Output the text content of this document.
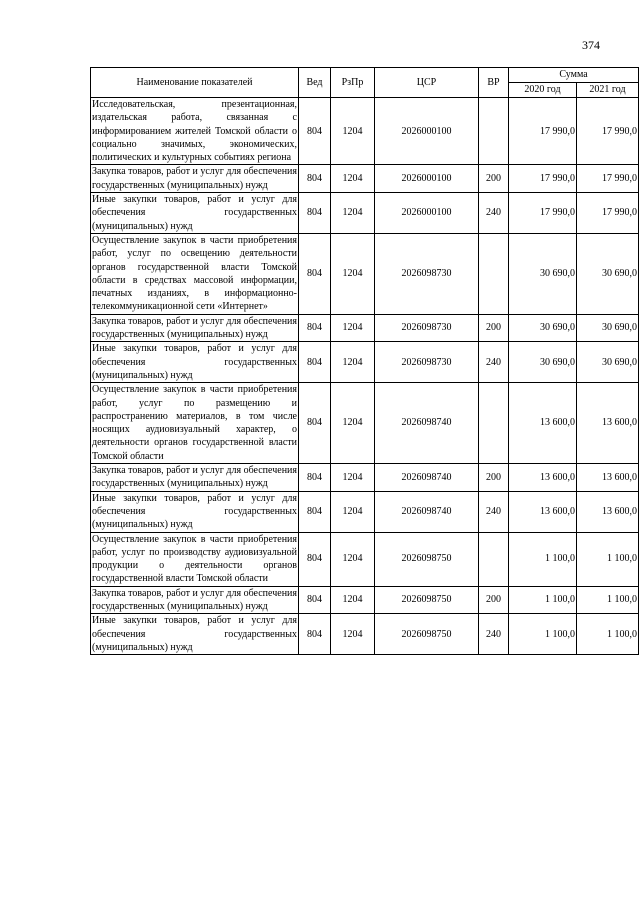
374
Наименование показателей	Вед	РзПр	ЦСР	ВР	Сумма	
					2020 год	2021 год
Исследовательская, презентационная, издательская работа, связанная с информированием жителей Томской области о социально значимых, экономических, политических и культурных событиях региона	804	1204	2026000100		17 990,0	17 990,0
Закупка товаров, работ и услуг для обеспечения государственных (муниципальных) нужд	804	1204	2026000100	200	17 990,0	17 990,0
Иные закупки товаров, работ и услуг для обеспечения государственных (муниципальных) нужд	804	1204	2026000100	240	17 990,0	17 990,0
Осуществление закупок в части приобретения работ, услуг по освещению деятельности органов государственной власти Томской области в средствах массовой информации, печатных изданиях, в информационно-телекоммуникационной сети «Интернет»	804	1204	2026098730		30 690,0	30 690,0
Закупка товаров, работ и услуг для обеспечения государственных (муниципальных) нужд	804	1204	2026098730	200	30 690,0	30 690,0
Иные закупки товаров, работ и услуг для обеспечения государственных (муниципальных) нужд	804	1204	2026098730	240	30 690,0	30 690,0
Осуществление закупок в части приобретения работ, услуг по размещению и распространению материалов, в том числе носящих аудиовизуальный характер, о деятельности органов государственной власти Томской области	804	1204	2026098740		13 600,0	13 600,0
Закупка товаров, работ и услуг для обеспечения государственных (муниципальных) нужд	804	1204	2026098740	200	13 600,0	13 600,0
Иные закупки товаров, работ и услуг для обеспечения государственных (муниципальных) нужд	804	1204	2026098740	240	13 600,0	13 600,0
Осуществление закупок в части приобретения работ, услуг по производству аудиовизуальной продукции о деятельности органов государственной власти Томской области	804	1204	2026098750		1 100,0	1 100,0
Закупка товаров, работ и услуг для обеспечения государственных (муниципальных) нужд	804	1204	2026098750	200	1 100,0	1 100,0
Иные закупки товаров, работ и услуг для обеспечения государственных (муниципальных) нужд	804	1204	2026098750	240	1 100,0	1 100,0
